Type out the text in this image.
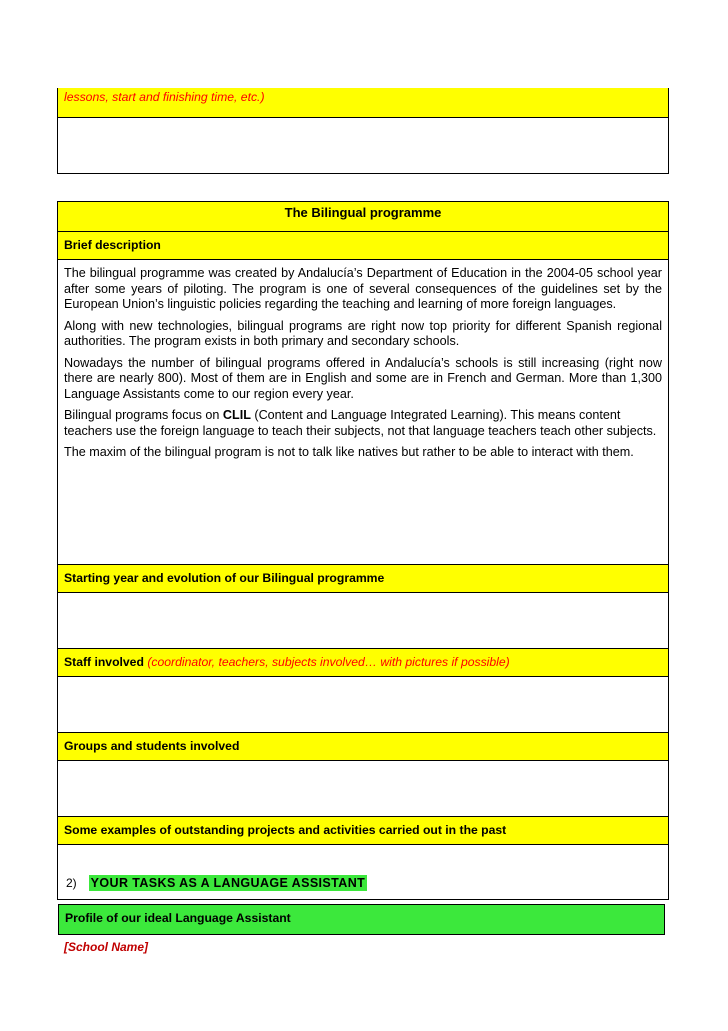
lessons, start and finishing time, etc.)
The Bilingual programme
Brief description

The bilingual programme was created by Andalucía’s Department of Education in the 2004-05 school year after some years of piloting. The program is one of several consequences of the guidelines set by the European Union’s linguistic policies regarding the teaching and learning of more foreign languages.

Along with new technologies, bilingual programs are right now top priority for different Spanish regional authorities. The program exists in both primary and secondary schools.

Nowadays the number of bilingual programs offered in Andalucía’s schools is still increasing (right now there are nearly 800). Most of them are in English and some are in French and German. More than 1,300 Language Assistants come to our region every year.

Bilingual programs focus on CLIL (Content and Language Integrated Learning). This means content teachers use the foreign language to teach their subjects, not that language teachers teach other subjects.

The maxim of the bilingual program is not to talk like natives but rather to be able to interact with them.

Starting year and evolution of our Bilingual programme
Staff involved (coordinator, teachers, subjects involved… with pictures if possible)
Groups and students involved
Some examples of outstanding projects and activities carried out in the past
2) YOUR TASKS AS A LANGUAGE ASSISTANT
Profile of our ideal Language Assistant
[School Name]
